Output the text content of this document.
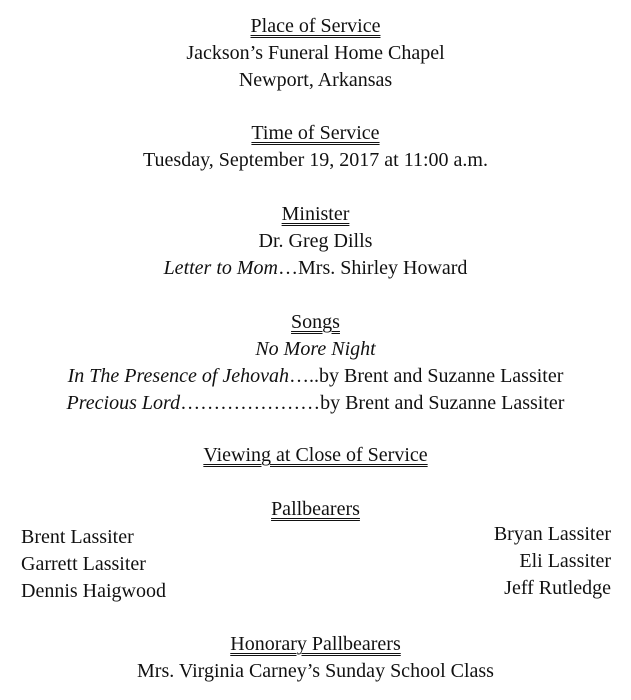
Place of Service
Jackson’s Funeral Home Chapel
Newport, Arkansas
Time of Service
Tuesday, September 19, 2017 at 11:00 a.m.
Minister
Dr. Greg Dills
Letter to Mom…Mrs. Shirley Howard
Songs
No More Night
In The Presence of Jehovah…..by Brent and Suzanne Lassiter
Precious Lord…………………by Brent and Suzanne Lassiter
Viewing at Close of Service
Pallbearers
Brent Lassiter
Garrett Lassiter
Dennis Haigwood
Bryan Lassiter
Eli Lassiter
Jeff Rutledge
Honorary Pallbearers
Mrs. Virginia Carney’s Sunday School Class
